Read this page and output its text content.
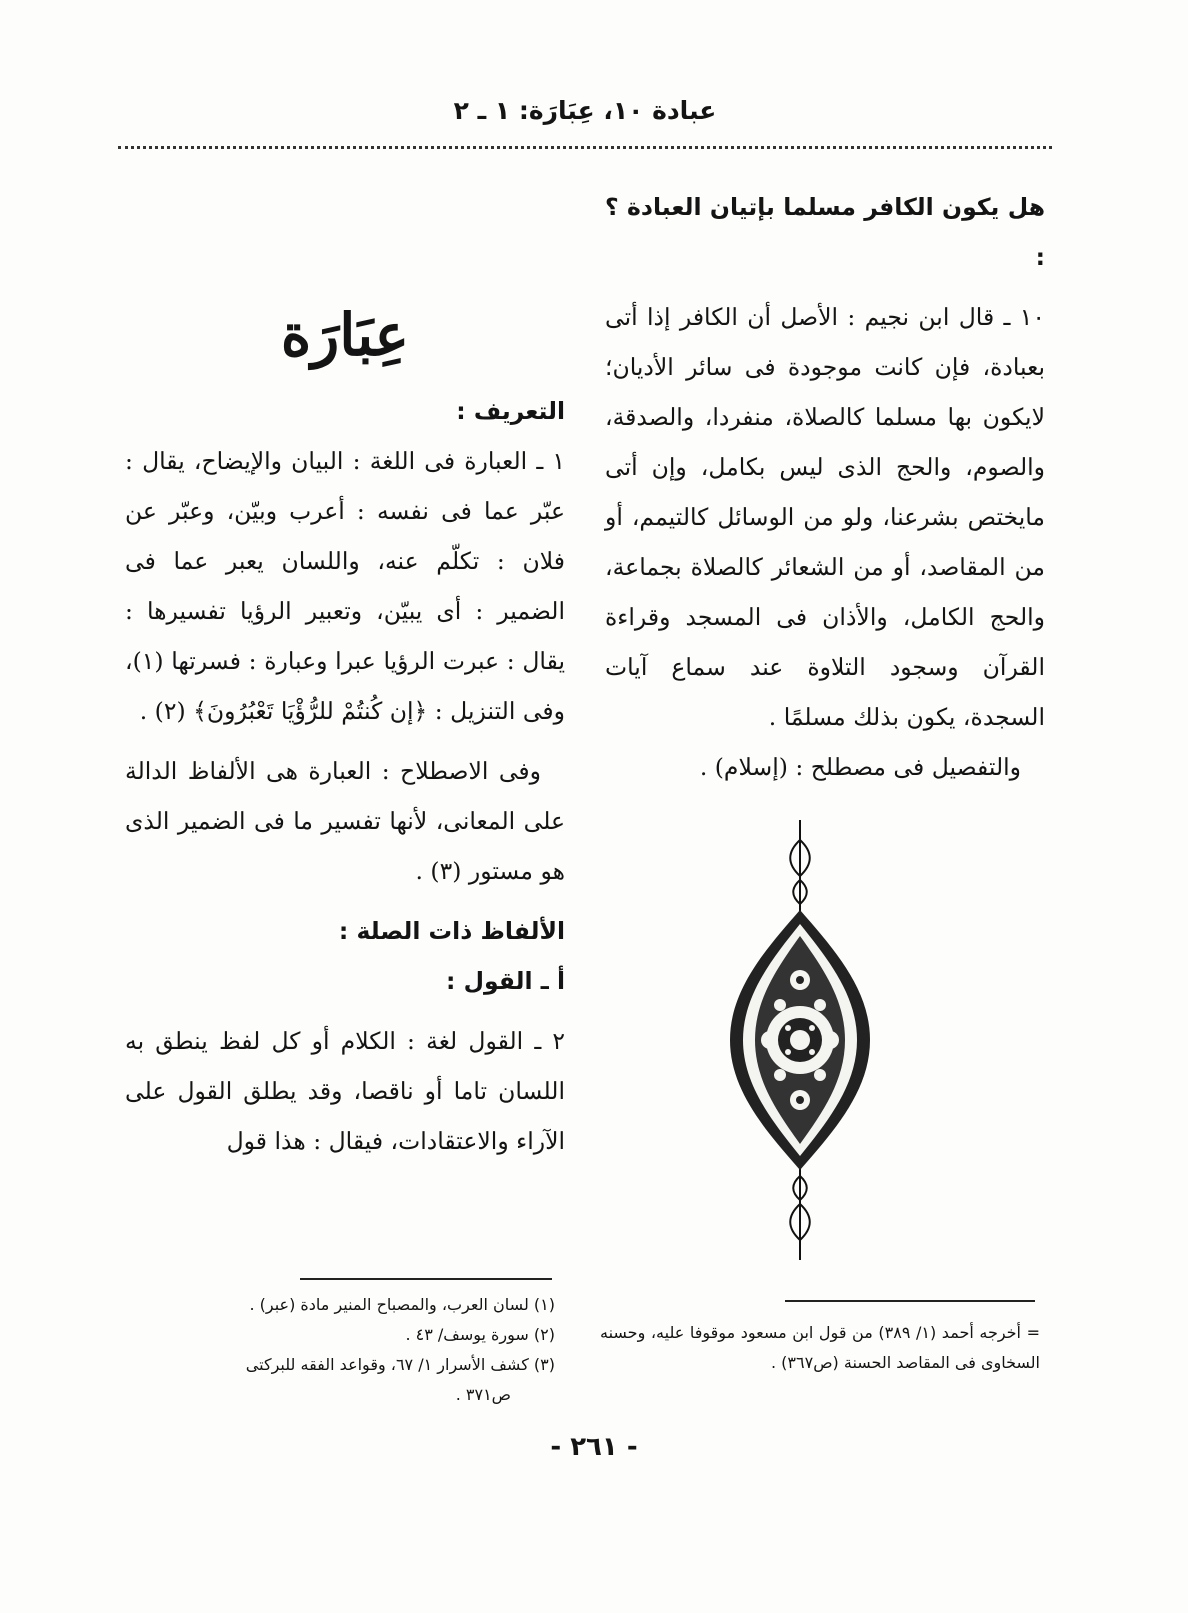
عبادة ١٠، عِبَارَة: ١ ـ ٢

هل يكون الكافر مسلما بإتيان العبادة ؟ :

١٠ ـ قال ابن نجيم : الأصل أن الكافر إذا أتى بعبادة، فإن كانت موجودة فى سائر الأديان؛ لايكون بها مسلما كالصلاة، منفردا، والصدقة، والصوم، والحج الذى ليس بكامل، وإن أتى مايختص بشرعنا، ولو من الوسائل كالتيمم، أو من المقاصد، أو من الشعائر كالصلاة بجماعة، والحج الكامل، والأذان فى المسجد وقراءة القرآن وسجود التلاوة عند سماع آيات السجدة، يكون بذلك مسلمًا .

والتفصيل فى مصطلح : (إسلام) .

عِبَارَة

التعريف :

١ ـ العبارة فى اللغة : البيان والإيضاح، يقال : عبّر عما فى نفسه : أعرب وبيّن، وعبّر عن فلان : تكلّم عنه، واللسان يعبر عما فى الضمير : أى يبيّن، وتعبير الرؤيا تفسيرها : يقال : عبرت الرؤيا عبرا وعبارة : فسرتها (١)، وفى التنزيل : ﴿إن كُنتُمْ للرُّؤْيَا تَعْبُرُونَ﴾ (٢) .

وفى الاصطلاح : العبارة هى الألفاظ الدالة على المعانى، لأنها تفسير ما فى الضمير الذى هو مستور (٣) .

الألفاظ ذات الصلة :

أ ـ القول :

٢ ـ القول لغة : الكلام أو كل لفظ ينطق به اللسان تاما أو ناقصا، وقد يطلق القول على الآراء والاعتقادات، فيقال : هذا قول

(١) لسان العرب، والمصباح المنير مادة (عبر) .

(٢) سورة يوسف/ ٤٣ .

(٣) كشف الأسرار ١/ ٦٧، وقواعد الفقه للبركتى

ص٣٧١ .

= أخرجه أحمد (١/ ٣٨٩) من قول ابن مسعود موقوفا عليه، وحسنه السخاوى فى المقاصد الحسنة (ص٣٦٧) .

- ٢٦١ -
